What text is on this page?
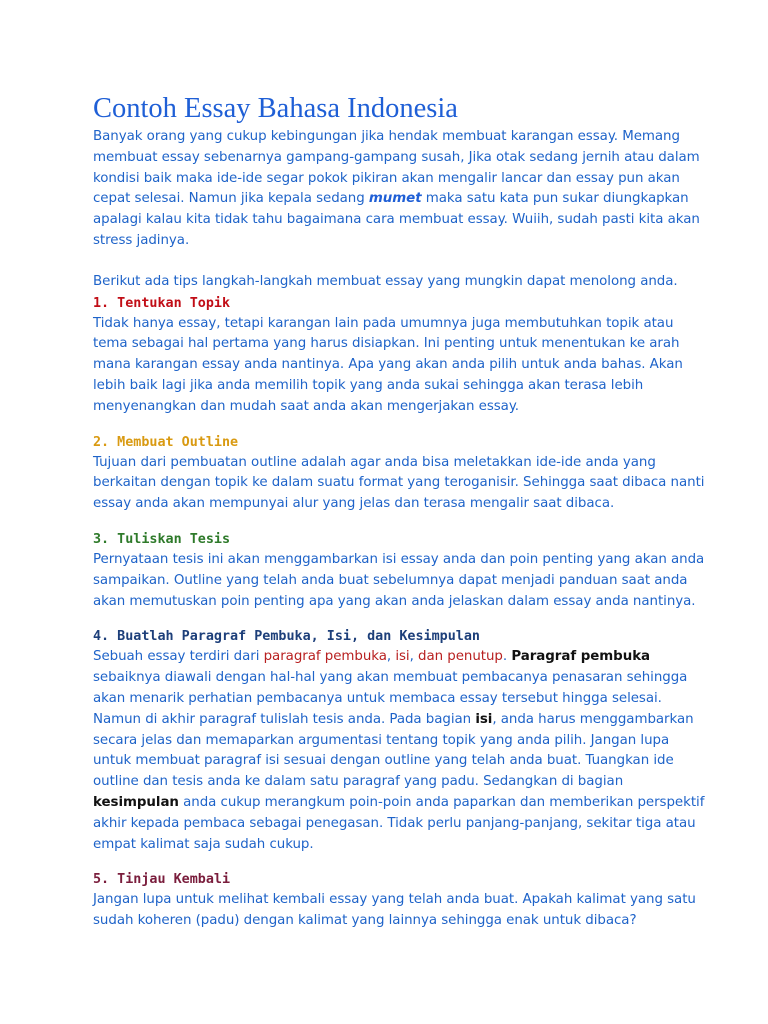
Contoh Essay Bahasa Indonesia

Banyak orang yang cukup kebingungan jika hendak membuat karangan essay. Memang membuat essay sebenarnya gampang-gampang susah, Jika otak sedang jernih atau dalam kondisi baik maka ide-ide segar pokok pikiran akan mengalir lancar dan essay pun akan cepat selesai. Namun jika kepala sedang mumet maka satu kata pun sukar diungkapkan apalagi kalau kita tidak tahu bagaimana cara membuat essay. Wuiih, sudah pasti kita akan stress jadinya.

Berikut ada tips langkah-langkah membuat essay yang mungkin dapat menolong anda.

1. Tentukan Topik

Tidak hanya essay, tetapi karangan lain pada umumnya juga membutuhkan topik atau tema sebagai hal pertama yang harus disiapkan. Ini penting untuk menentukan ke arah mana karangan essay anda nantinya. Apa yang akan anda pilih untuk anda bahas. Akan lebih baik lagi jika anda memilih topik yang anda sukai sehingga akan terasa lebih menyenangkan dan mudah saat anda akan mengerjakan essay.

2. Membuat Outline

Tujuan dari pembuatan outline adalah agar anda bisa meletakkan ide-ide anda yang berkaitan dengan topik ke dalam suatu format yang teroganisir. Sehingga saat dibaca nanti essay anda akan mempunyai alur yang jelas dan terasa mengalir saat dibaca.

3. Tuliskan Tesis

Pernyataan tesis ini akan menggambarkan isi essay anda dan poin penting yang akan anda sampaikan. Outline yang telah anda buat sebelumnya dapat menjadi panduan saat anda akan memutuskan poin penting apa yang akan anda jelaskan dalam essay anda nantinya.

4. Buatlah Paragraf Pembuka, Isi, dan Kesimpulan

Sebuah essay terdiri dari paragraf pembuka, isi, dan penutup. Paragraf pembuka sebaiknya diawali dengan hal-hal yang akan membuat pembacanya penasaran sehingga akan menarik perhatian pembacanya untuk membaca essay tersebut hingga selesai. Namun di akhir paragraf tulislah tesis anda. Pada bagian isi, anda harus menggambarkan secara jelas dan memaparkan argumentasi tentang topik yang anda pilih. Jangan lupa untuk membuat paragraf isi sesuai dengan outline yang telah anda buat. Tuangkan ide outline dan tesis anda ke dalam satu paragraf yang padu. Sedangkan di bagian kesimpulan anda cukup merangkum poin-poin anda paparkan dan memberikan perspektif akhir kepada pembaca sebagai penegasan. Tidak perlu panjang-panjang, sekitar tiga atau empat kalimat saja sudah cukup.

5. Tinjau Kembali

Jangan lupa untuk melihat kembali essay yang telah anda buat. Apakah kalimat yang satu sudah koheren (padu) dengan kalimat yang lainnya sehingga enak untuk dibaca?
